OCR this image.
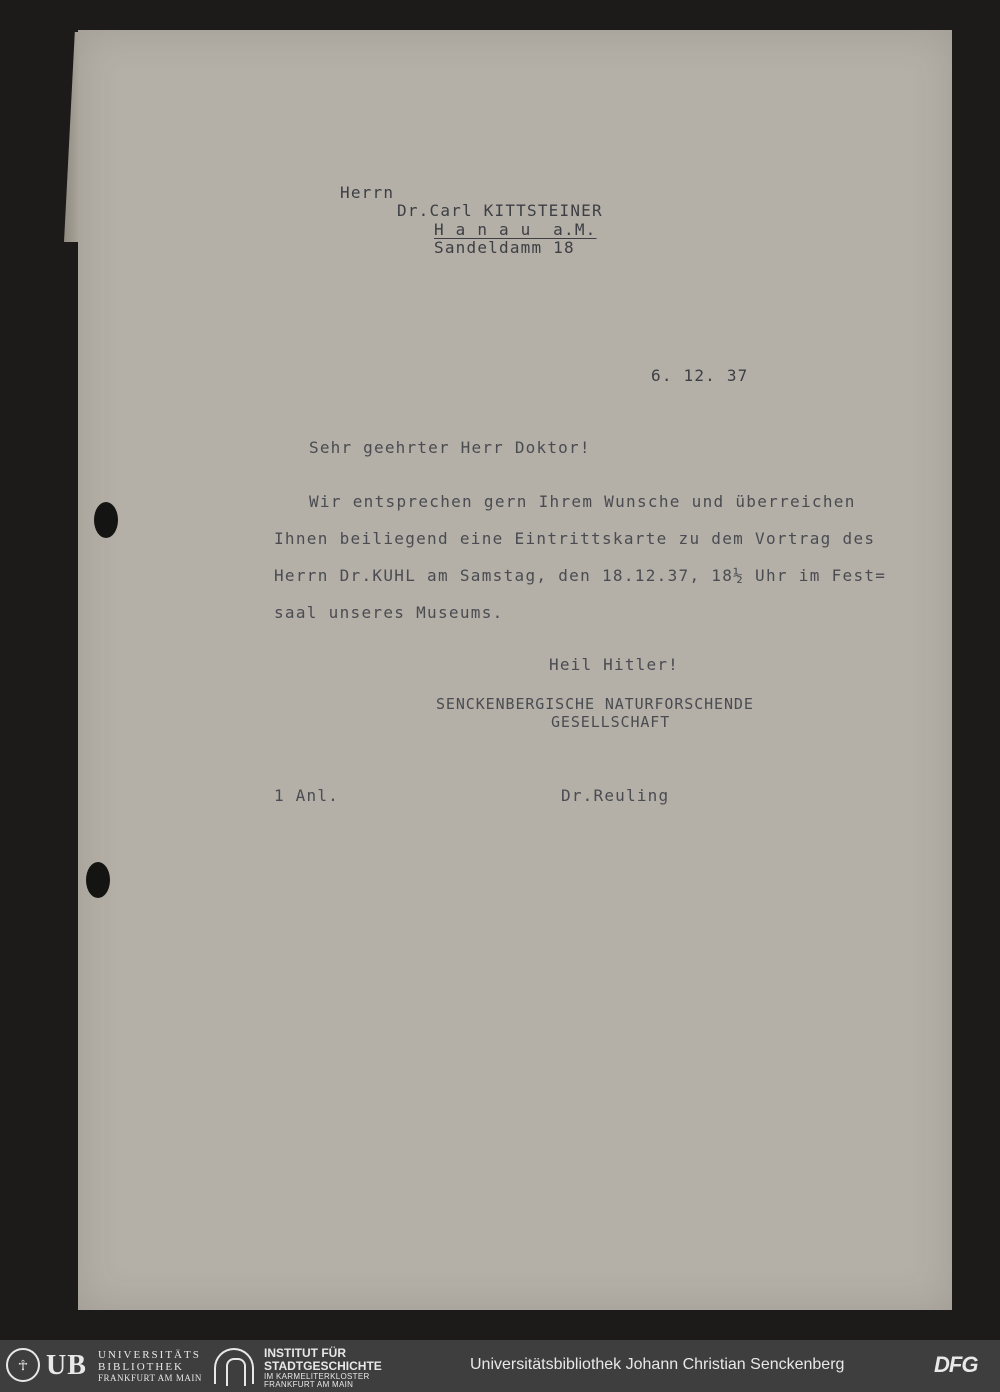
Herrn
Dr.Carl KITTSTEINER
H a n a u  a.M.
Sandeldamm 18
6. 12. 37
Sehr geehrter Herr Doktor!
Wir entsprechen gern Ihrem Wunsche und überreichen
Ihnen beiliegend eine Eintrittskarte zu dem Vortrag des
Herrn Dr.KUHL am Samstag, den 18.12.37, 18½ Uhr im Fest=
saal unseres Museums.
Heil Hitler!
SENCKENBERGISCHE NATURFORSCHENDE
GESELLSCHAFT
1 Anl.	Dr.Reuling
☥ UB UNIVERSITÄTS
BIBLIOTHEK
FRANKFURT AM MAIN
INSTITUT FÜR
STADTGESCHICHTE
IM KARMELITERKLOSTER
FRANKFURT AM MAIN
Universitätsbibliothek Johann Christian Senckenberg	DFG
